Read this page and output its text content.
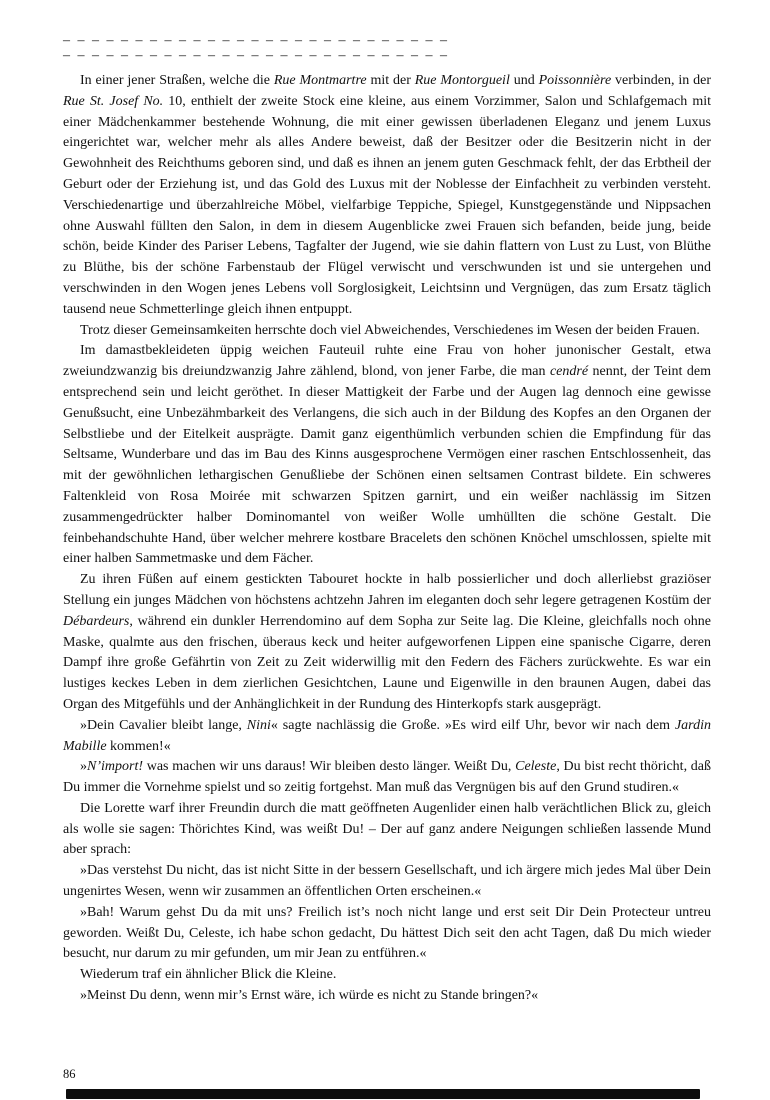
– – – – – – – – – – – – – – – – – – – – – – – – – – –
– – – – – – – – – – – – – – – – – – – – – – – – – – –

In einer jener Straßen, welche die Rue Montmartre mit der Rue Montorgueil und Poissonnière verbinden, in der Rue St. Josef No. 10, enthielt der zweite Stock eine kleine, aus einem Vorzimmer, Salon und Schlafgemach mit einer Mädchenkammer bestehende Wohnung, die mit einer gewissen überladenen Eleganz und jenem Luxus eingerichtet war, welcher mehr als alles Andere beweist, daß der Besitzer oder die Besitzerin nicht in der Gewohnheit des Reichthums geboren sind, und daß es ihnen an jenem guten Geschmack fehlt, der das Erbtheil der Geburt oder der Erziehung ist, und das Gold des Luxus mit der Noblesse der Einfachheit zu verbinden versteht. Verschiedenartige und überzahlreiche Möbel, vielfarbige Teppiche, Spiegel, Kunstgegenstände und Nippsachen ohne Auswahl füllten den Salon, in dem in diesem Augenblicke zwei Frauen sich befanden, beide jung, beide schön, beide Kinder des Pariser Lebens, Tagfalter der Jugend, wie sie dahin flattern von Lust zu Lust, von Blüthe zu Blüthe, bis der schöne Farbenstaub der Flügel verwischt und verschwunden ist und sie untergehen und verschwinden in den Wogen jenes Lebens voll Sorglosigkeit, Leichtsinn und Vergnügen, das zum Ersatz täglich tausend neue Schmetterlinge gleich ihnen entpuppt.

Trotz dieser Gemeinsamkeiten herrschte doch viel Abweichendes, Verschiedenes im Wesen der beiden Frauen.

Im damastbekleideten üppig weichen Fauteuil ruhte eine Frau von hoher junonischer Gestalt, etwa zweiundzwanzig bis dreiundzwanzig Jahre zählend, blond, von jener Farbe, die man cendré nennt, der Teint dem entsprechend sein und leicht geröthet. In dieser Mattigkeit der Farbe und der Augen lag dennoch eine gewisse Genußsucht, eine Unbezähmbarkeit des Verlangens, die sich auch in der Bildung des Kopfes an den Organen der Selbstliebe und der Eitelkeit ausprägte. Damit ganz eigenthümlich verbunden schien die Empfindung für das Seltsame, Wunderbare und das im Bau des Kinns ausgesprochene Vermögen einer raschen Entschlossenheit, das mit der gewöhnlichen lethargischen Genußliebe der Schönen einen seltsamen Contrast bildete. Ein schweres Faltenkleid von Rosa Moirée mit schwarzen Spitzen garnirt, und ein weißer nachlässig im Sitzen zusammengedrückter halber Dominomantel von weißer Wolle umhüllten die schöne Gestalt. Die feinbehandschuhte Hand, über welcher mehrere kostbare Bracelets den schönen Knöchel umschlossen, spielte mit einer halben Sammetmaske und dem Fächer.

Zu ihren Füßen auf einem gestickten Tabouret hockte in halb possierlicher und doch allerliebst graziöser Stellung ein junges Mädchen von höchstens achtzehn Jahren im eleganten doch sehr legere getragenen Kostüm der Débardeurs, während ein dunkler Herrendomino auf dem Sopha zur Seite lag. Die Kleine, gleichfalls noch ohne Maske, qualmte aus den frischen, überaus keck und heiter aufgeworfenen Lippen eine spanische Cigarre, deren Dampf ihre große Gefährtin von Zeit zu Zeit widerwillig mit den Federn des Fächers zurückwehte. Es war ein lustiges keckes Leben in dem zierlichen Gesichtchen, Laune und Eigenwille in den braunen Augen, dabei das Organ des Mitgefühls und der Anhänglichkeit in der Rundung des Hinterkopfs stark ausgeprägt.

»Dein Cavalier bleibt lange, Nini« sagte nachlässig die Große. »Es wird eilf Uhr, bevor wir nach dem Jardin Mabille kommen!«

»N’import! was machen wir uns daraus! Wir bleiben desto länger. Weißt Du, Celeste, Du bist recht thöricht, daß Du immer die Vornehme spielst und so zeitig fortgehst. Man muß das Vergnügen bis auf den Grund studiren.«

Die Lorette warf ihrer Freundin durch die matt geöffneten Augenlider einen halb verächtlichen Blick zu, gleich als wolle sie sagen: Thörichtes Kind, was weißt Du! – Der auf ganz andere Neigungen schließen lassende Mund aber sprach:

»Das verstehst Du nicht, das ist nicht Sitte in der bessern Gesellschaft, und ich ärgere mich jedes Mal über Dein ungenirtes Wesen, wenn wir zusammen an öffentlichen Orten erscheinen.«

»Bah! Warum gehst Du da mit uns? Freilich ist’s noch nicht lange und erst seit Dir Dein Protecteur untreu geworden. Weißt Du, Celeste, ich habe schon gedacht, Du hättest Dich seit den acht Tagen, daß Du mich wieder besucht, nur darum zu mir gefunden, um mir Jean zu entführen.«

Wiederum traf ein ähnlicher Blick die Kleine.

»Meinst Du denn, wenn mir’s Ernst wäre, ich würde es nicht zu Stande bringen?«

86
